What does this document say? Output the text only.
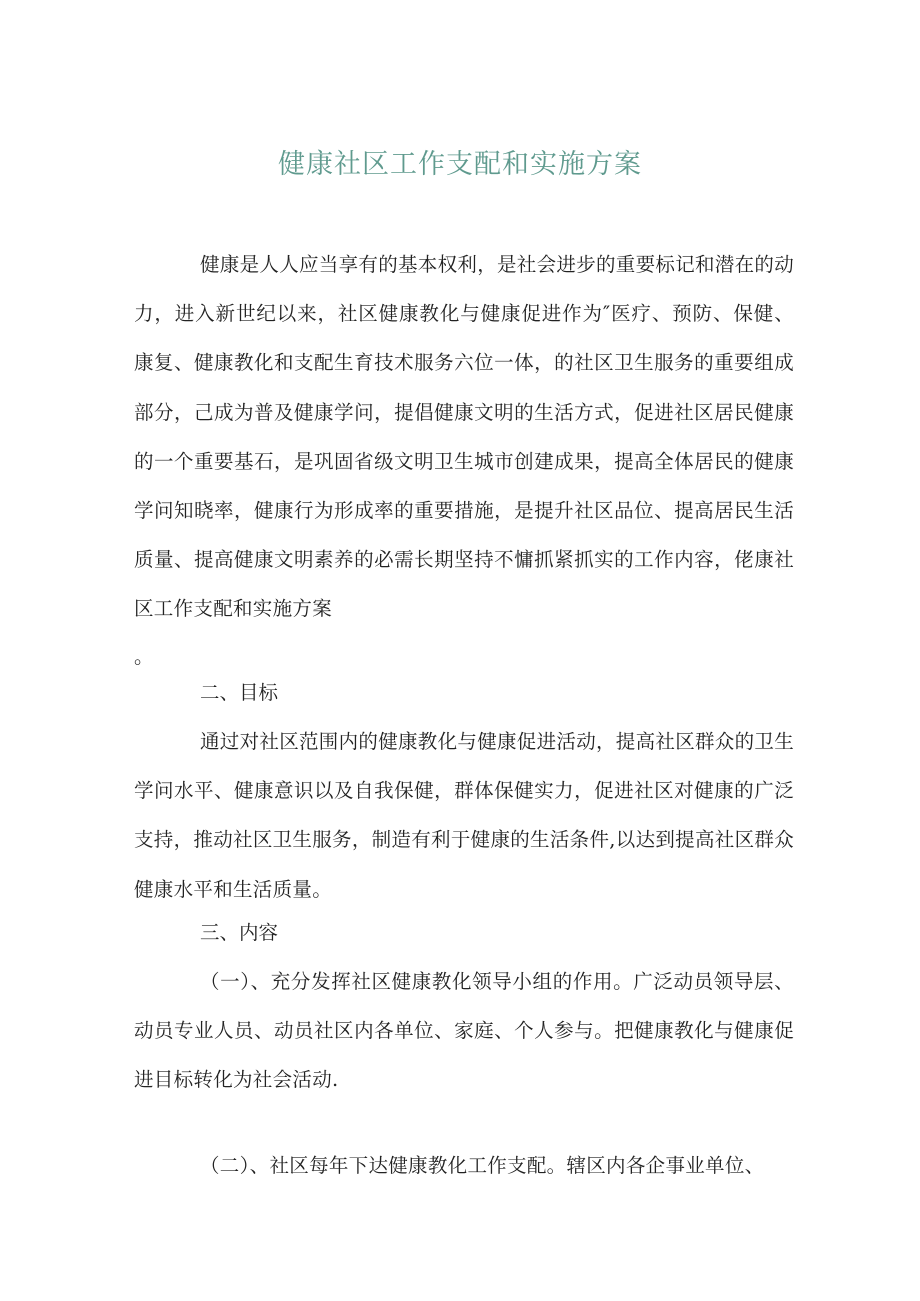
健康社区工作支配和实施方案

健康是人人应当享有的基本权利，是社会进步的重要标记和潜在的动力，进入新世纪以来，社区健康教化与健康促进作为″医疗、预防、保健、康复、健康教化和支配生育技术服务六位一体，的社区卫生服务的重要组成部分，己成为普及健康学问，提倡健康文明的生活方式，促进社区居民健康的一个重要基石，是巩固省级文明卫生城市创建成果，提高全体居民的健康学问知晓率，健康行为形成率的重要措施，是提升社区品位、提高居民生活质量、提高健康文明素养的必需长期坚持不慵抓紧抓实的工作内容，佬康社区工作支配和实施方案

。

二、目标

通过对社区范围内的健康教化与健康促进活动，提高社区群众的卫生学问水平、健康意识以及自我保健，群体保健实力，促进社区对健康的广泛支持，推动社区卫生服务，制造有利于健康的生活条件,以达到提高社区群众健康水平和生活质量。

三、内容

（一）、充分发挥社区健康教化领导小组的作用。广泛动员领导层、动员专业人员、动员社区内各单位、家庭、个人参与。把健康教化与健康促进目标转化为社会活动.

（二）、社区每年下达健康教化工作支配。辖区内各企事业单位、
